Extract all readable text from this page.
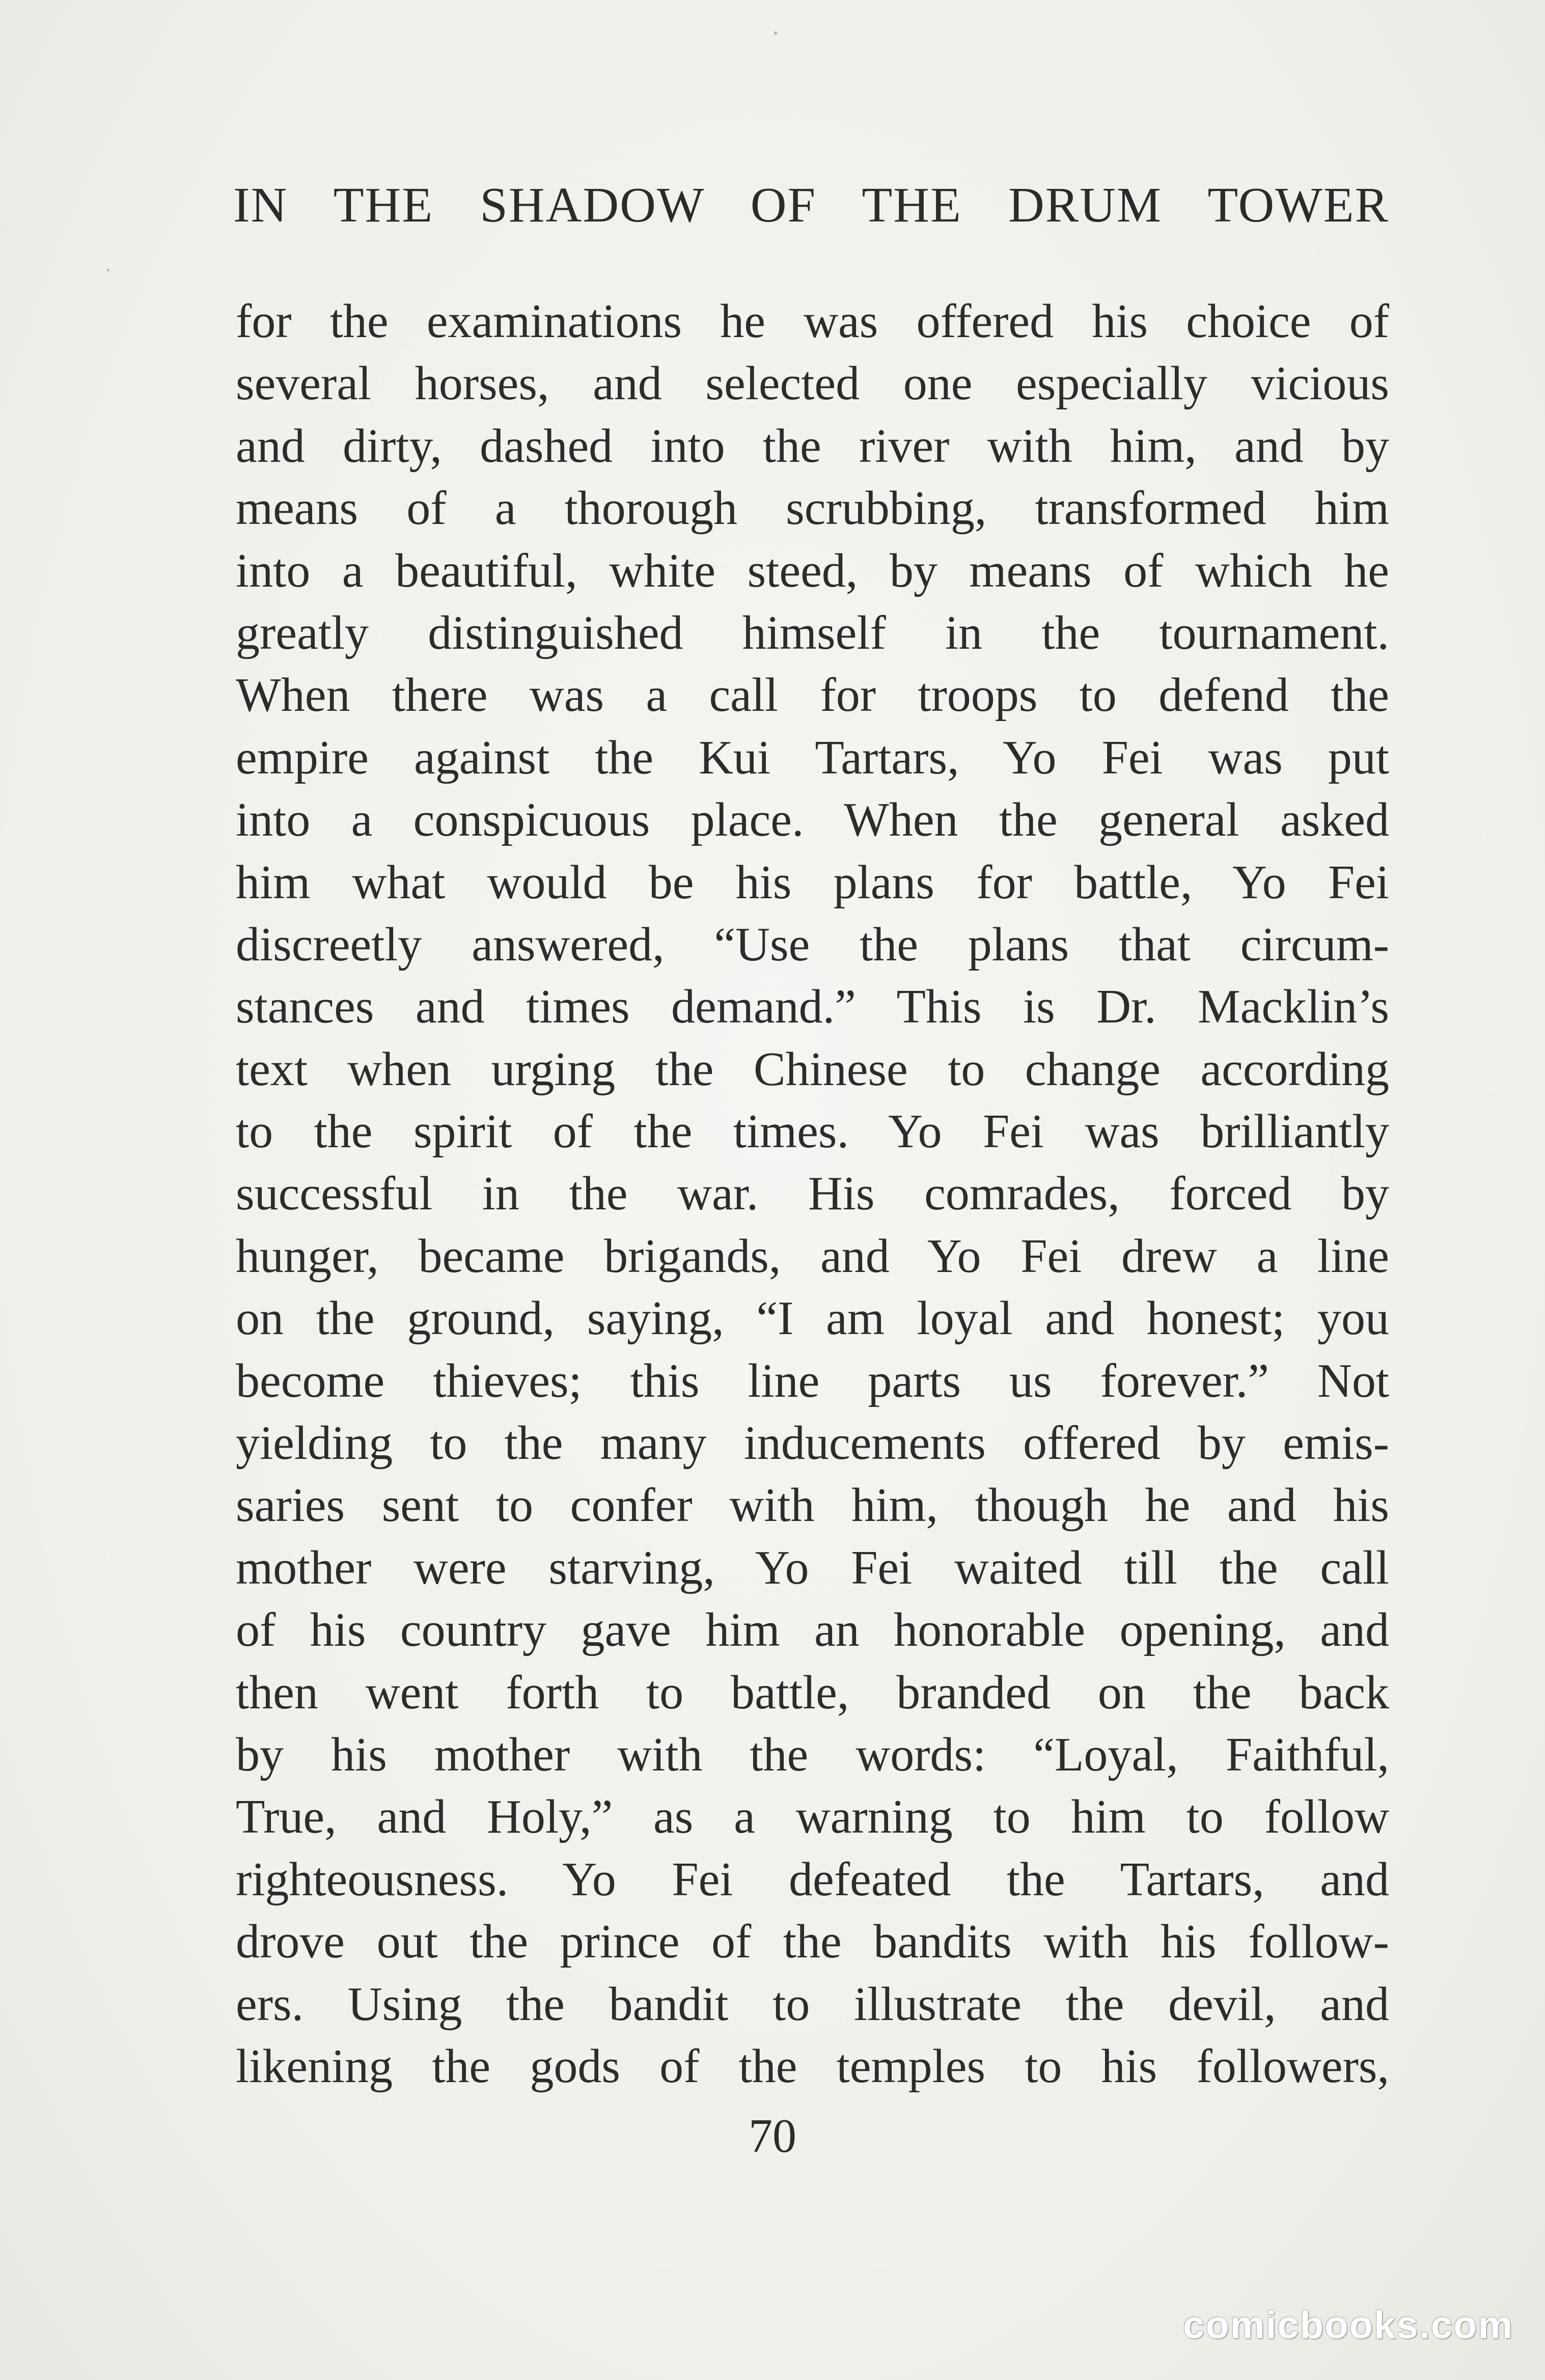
IN THE SHADOW OF THE DRUM TOWER
for the examinations he was offered his choice of
several horses, and selected one especially vicious
and dirty, dashed into the river with him, and by
means of a thorough scrubbing, transformed him
into a beautiful, white steed, by means of which he
greatly distinguished himself in the tournament.
When there was a call for troops to defend the
empire against the Kui Tartars, Yo Fei was put
into a conspicuous place. When the general asked
him what would be his plans for battle, Yo Fei
discreetly answered, “Use the plans that circum-
stances and times demand.” This is Dr. Macklin’s
text when urging the Chinese to change according
to the spirit of the times. Yo Fei was brilliantly
successful in the war. His comrades, forced by
hunger, became brigands, and Yo Fei drew a line
on the ground, saying, “I am loyal and honest; you
become thieves; this line parts us forever.” Not
yielding to the many inducements offered by emis-
saries sent to confer with him, though he and his
mother were starving, Yo Fei waited till the call
of his country gave him an honorable opening, and
then went forth to battle, branded on the back
by his mother with the words: “Loyal, Faithful,
True, and Holy,” as a warning to him to follow
righteousness. Yo Fei defeated the Tartars, and
drove out the prince of the bandits with his follow-
ers. Using the bandit to illustrate the devil, and
likening the gods of the temples to his followers,
70
comicbooks.com
